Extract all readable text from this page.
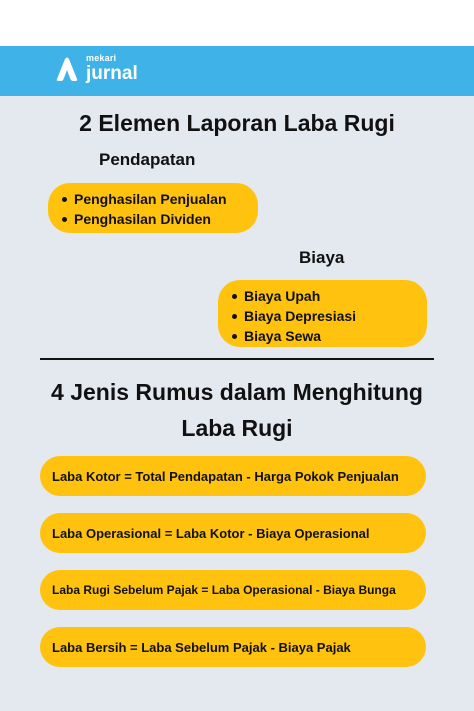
mekari
jurnal
2 Elemen Laporan Laba Rugi
Pendapatan
Penghasilan Penjualan
Penghasilan Dividen
Biaya
Biaya Upah
Biaya Depresiasi
Biaya Sewa
4 Jenis Rumus dalam Menghitung
Laba Rugi
Laba Kotor = Total Pendapatan - Harga Pokok Penjualan
Laba Operasional = Laba Kotor - Biaya Operasional
Laba Rugi Sebelum Pajak = Laba Operasional - Biaya Bunga
Laba Bersih = Laba Sebelum Pajak - Biaya Pajak
